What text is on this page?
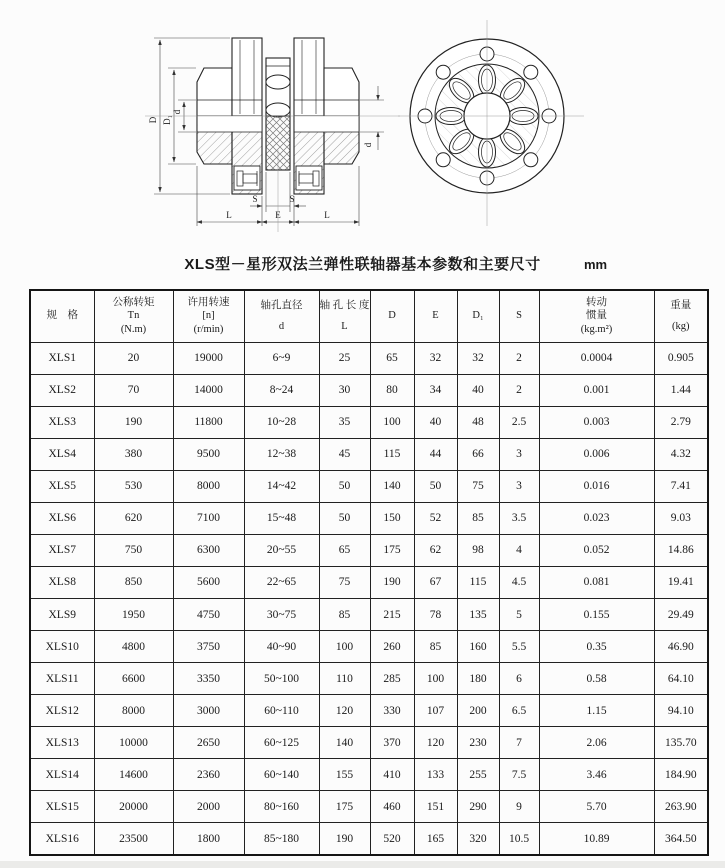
D D₁
d
d
S	S
L	E	L
XLS型－星形双法兰弹性联轴器基本参数和主要尺寸	mm
规　格

公称转矩
Tn
(N.m)

许用转速
[n]
(r/min)

轴孔直径
d

轴 孔 长 度
L

D	E	D₁	S

转动
惯量
(kg.m²)

重量
(kg)

XLS1	20	19000	6~9	25	65	32	32	2	0.0004	0.905
XLS2	70	14000	8~24	30	80	34	40	2	0.001	1.44
XLS3	190	11800	10~28	35	100	40	48	2.5	0.003	2.79
XLS4	380	9500	12~38	45	115	44	66	3	0.006	4.32
XLS5	530	8000	14~42	50	140	50	75	3	0.016	7.41
XLS6	620	7100	15~48	50	150	52	85	3.5	0.023	9.03
XLS7	750	6300	20~55	65	175	62	98	4	0.052	14.86
XLS8	850	5600	22~65	75	190	67	115	4.5	0.081	19.41
XLS9	1950	4750	30~75	85	215	78	135	5	0.155	29.49
XLS10	4800	3750	40~90	100	260	85	160	5.5	0.35	46.90
XLS11	6600	3350	50~100	110	285	100	180	6	0.58	64.10
XLS12	8000	3000	60~110	120	330	107	200	6.5	1.15	94.10
XLS13	10000	2650	60~125	140	370	120	230	7	2.06	135.70
XLS14	14600	2360	60~140	155	410	133	255	7.5	3.46	184.90
XLS15	20000	2000	80~160	175	460	151	290	9	5.70	263.90
XLS16	23500	1800	85~180	190	520	165	320	10.5	10.89	364.50
